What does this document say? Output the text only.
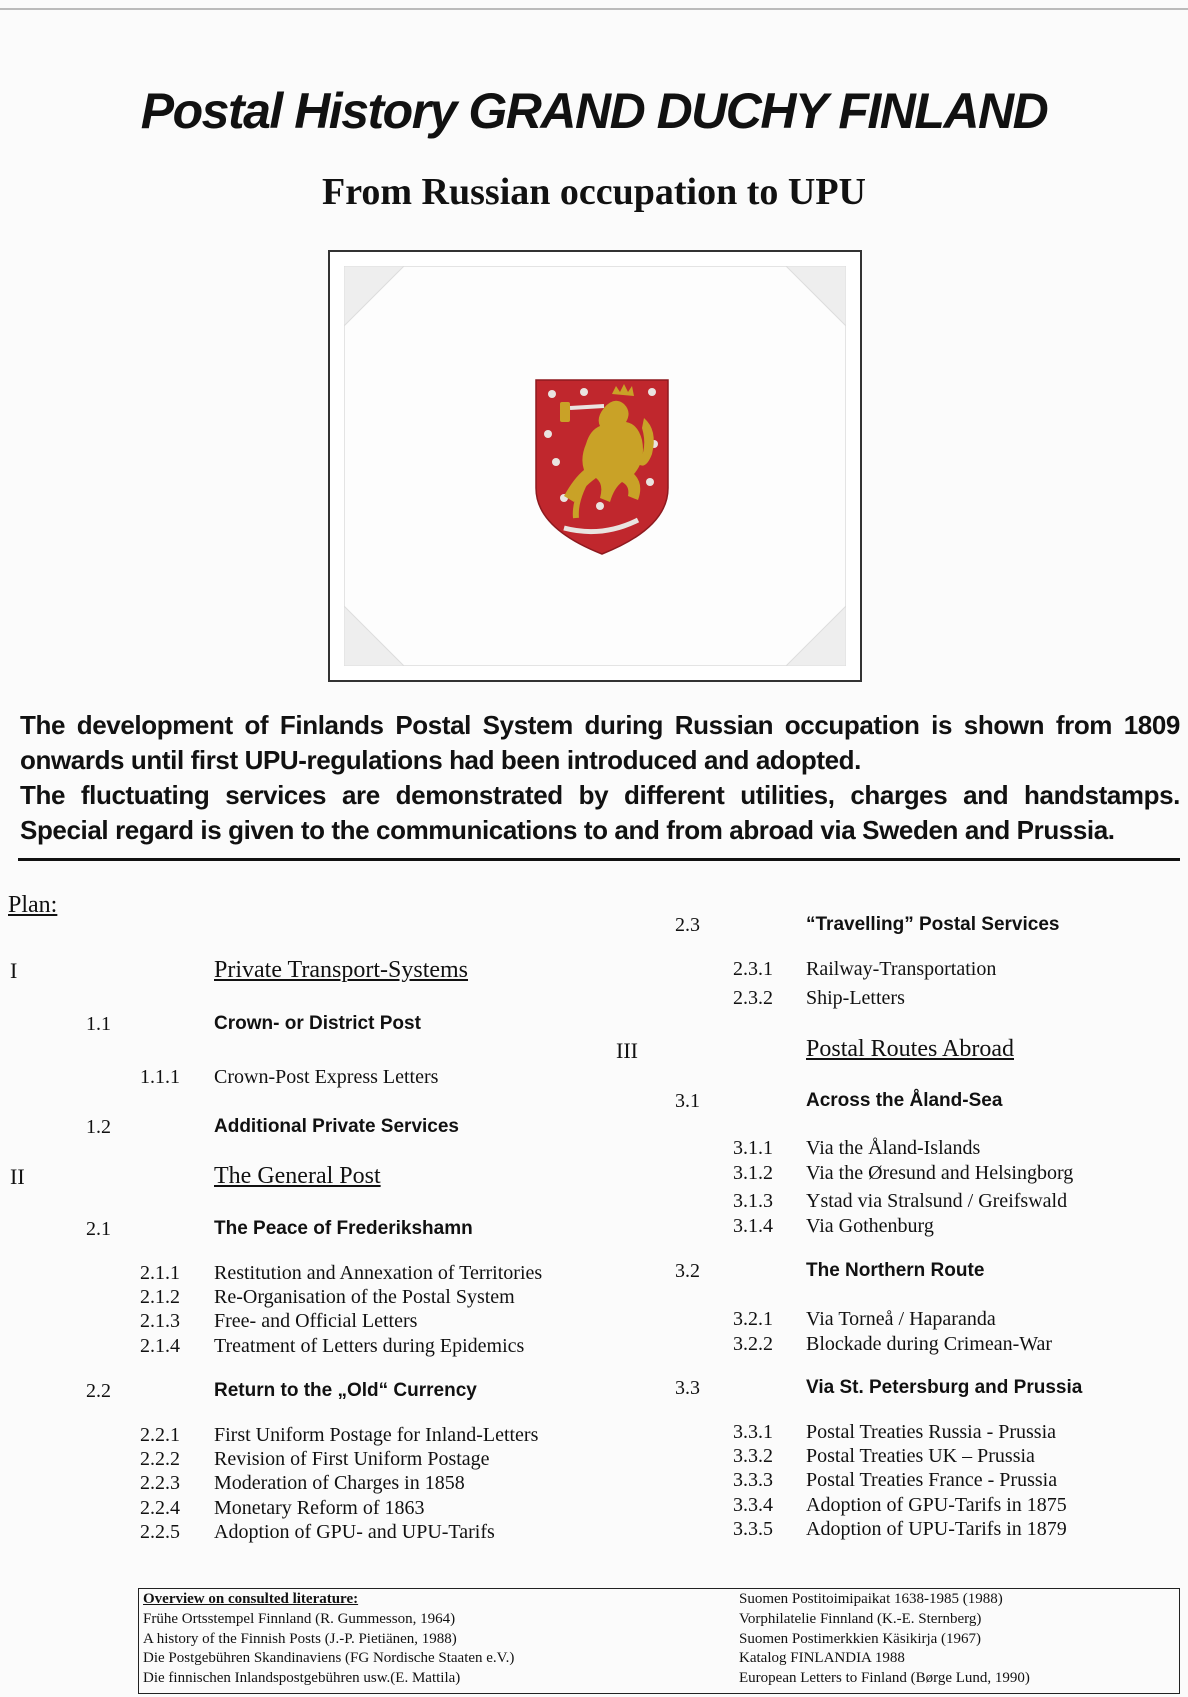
Postal History GRAND DUCHY FINLAND
From Russian occupation to UPU

The development of Finlands Postal System during Russian occupation is shown from 1809 onwards until first UPU-regulations had been introduced and adopted.

The fluctuating services are demonstrated by different utilities, charges and handstamps. Special regard is given to the communications to and from abroad via Sweden and Prussia.

Plan:
I	Private Transport-Systems
1.1	Crown- or District Post
1.1.1 Crown-Post Express Letters
1.2	Additional Private Services
II	The General Post
2.1	The Peace of Frederikshamn
2.1.1 Restitution and Annexation of Territories
2.1.2 Re-Organisation of the Postal System
2.1.3 Free- and Official Letters
2.1.4 Treatment of Letters during Epidemics
2.2	Return to the „Old“ Currency
2.2.1 First Uniform Postage for Inland-Letters
2.2.2 Revision of First Uniform Postage
2.2.3 Moderation of Charges in 1858
2.2.4 Monetary Reform of 1863
2.2.5 Adoption of GPU- and UPU-Tarifs
2.3	“Travelling” Postal Services
2.3.1 Railway-Transportation
2.3.2 Ship-Letters
III	Postal Routes Abroad
3.1	Across the Åland-Sea
3.1.1 Via the Åland-Islands
3.1.2 Via the Øresund and Helsingborg
3.1.3 Ystad via Stralsund / Greifswald
3.1.4 Via Gothenburg
3.2	The Northern Route
3.2.1 Via Torneå / Haparanda
3.2.2 Blockade during Crimean-War
3.3	Via St. Petersburg and Prussia
3.3.1 Postal Treaties Russia - Prussia
3.3.2 Postal Treaties UK – Prussia
3.3.3 Postal Treaties France - Prussia
3.3.4 Adoption of GPU-Tarifs in 1875
3.3.5 Adoption of UPU-Tarifs in 1879
Overview on consulted literature:
Frühe Ortsstempel Finnland (R. Gummesson, 1964)
A history of the Finnish Posts (J.-P. Pietiänen, 1988)
Die Postgebühren Skandinaviens (FG Nordische Staaten e.V.)
Die finnischen Inlandspostgebühren usw.(E. Mattila)
Suomen Postitoimipaikat 1638-1985 (1988)
Vorphilatelie Finnland (K.-E. Sternberg)
Suomen Postimerkkien Käsikirja (1967)
Katalog FINLANDIA 1988
European Letters to Finland (Børge Lund, 1990)
